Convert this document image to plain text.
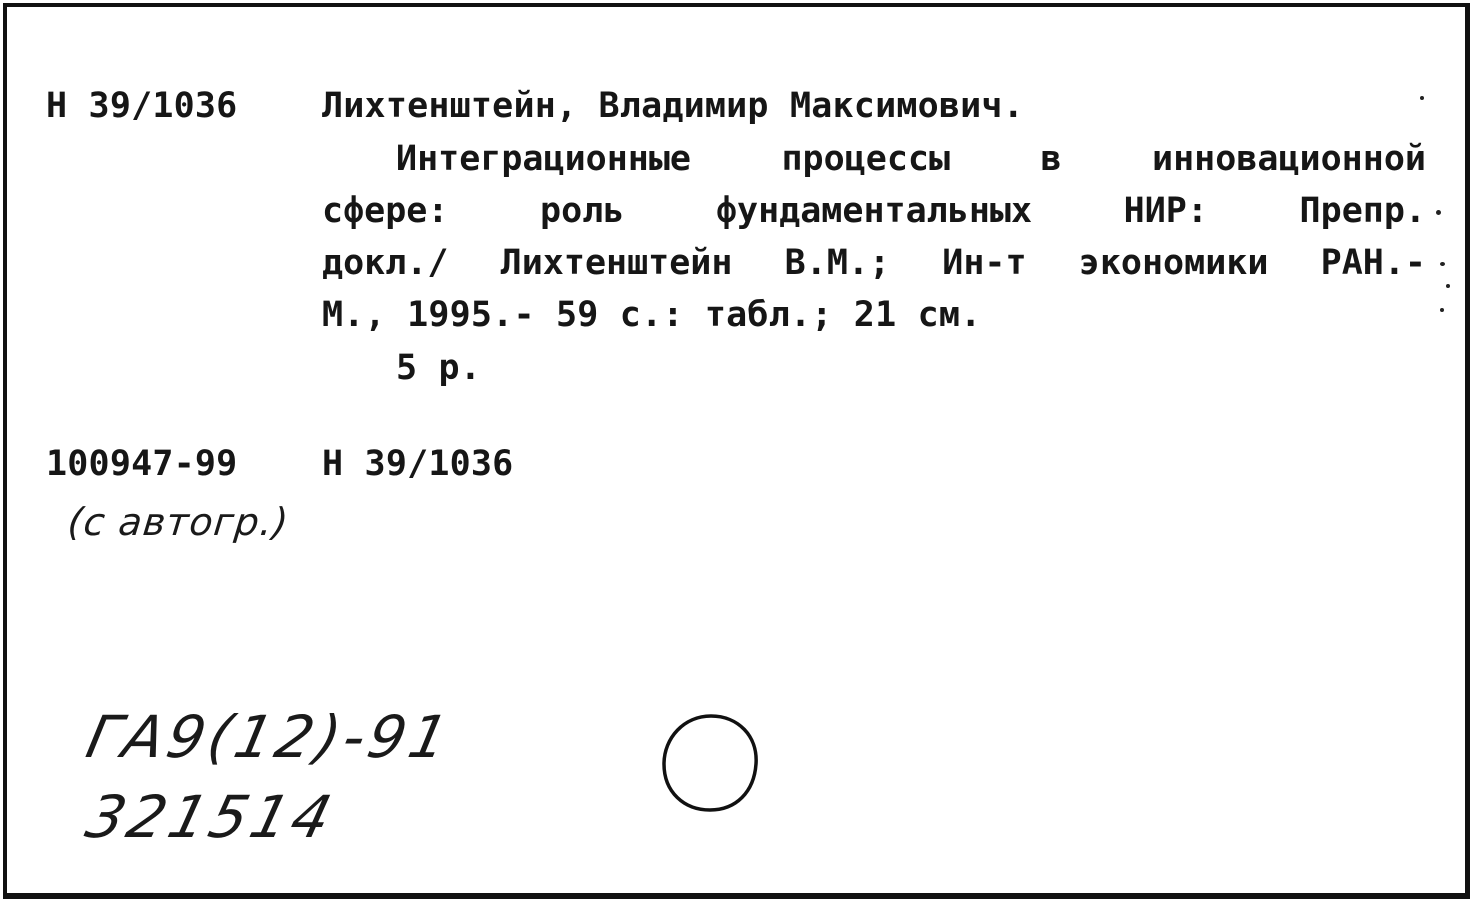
Н 39/1036 Лихтенштейн, Владимир Максимович.
Интеграционные	процессы	в	инновационной
сфере:	роль	фундаментальных	НИР:	Препр.
докл./ Лихтенштейн В.М.; Ин-т экономики РАН.-
М., 1995.- 59 с.: табл.; 21 см.
5 р.
100947-99 Н 39/1036
(с автогр.)
ГА9(12)-91
321514
